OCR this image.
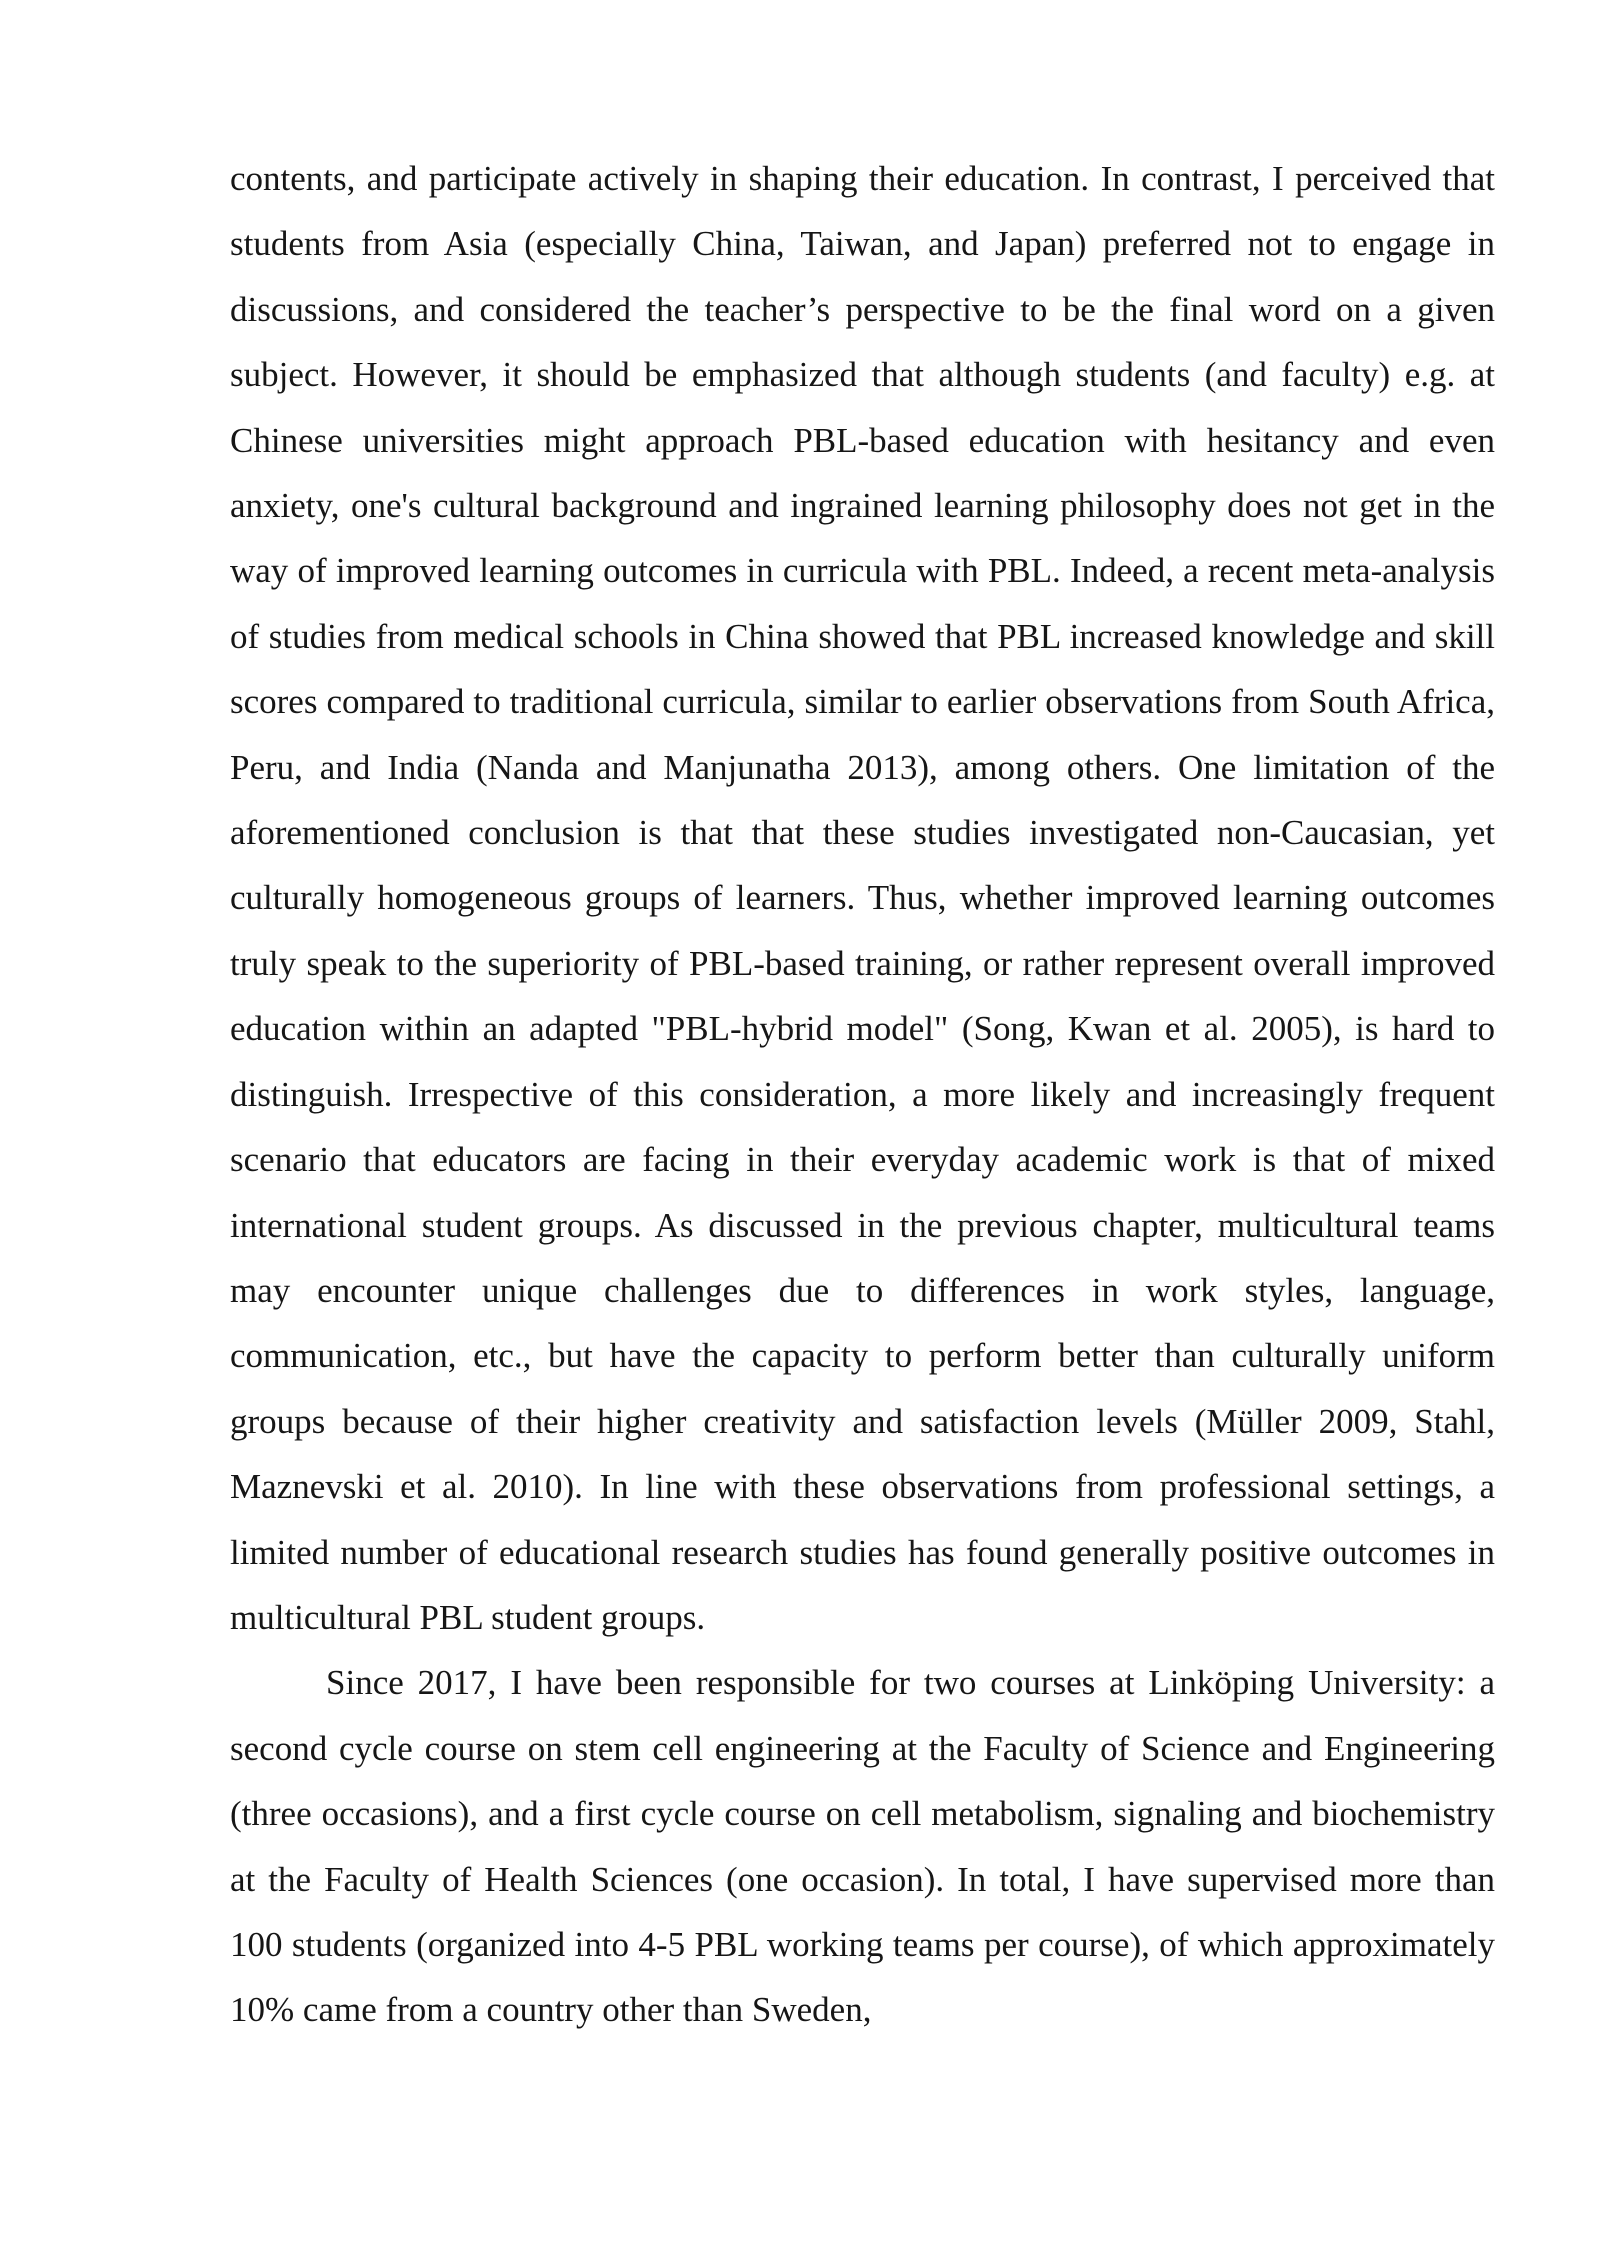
contents, and participate actively in shaping their education. In contrast, I perceived that students from Asia (especially China, Taiwan, and Japan) preferred not to engage in discussions, and considered the teacher’s perspective to be the final word on a given subject. However, it should be emphasized that although students (and faculty) e.g. at Chinese universities might approach PBL-based education with hesitancy and even anxiety, one's cultural background and ingrained learning philosophy does not get in the way of improved learning outcomes in curricula with PBL. Indeed, a recent meta-analysis of studies from medical schools in China showed that PBL increased knowledge and skill scores compared to traditional curricula, similar to earlier observations from South Africa, Peru, and India (Nanda and Manjunatha 2013), among others. One limitation of the aforementioned conclusion is that that these studies investigated non-Caucasian, yet culturally homogeneous groups of learners. Thus, whether improved learning outcomes truly speak to the superiority of PBL-based training, or rather represent overall improved education within an adapted "PBL-hybrid model" (Song, Kwan et al. 2005), is hard to distinguish. Irrespective of this consideration, a more likely and increasingly frequent scenario that educators are facing in their everyday academic work is that of mixed international student groups. As discussed in the previous chapter, multicultural teams may encounter unique challenges due to differences in work styles, language, communication, etc., but have the capacity to perform better than culturally uniform groups because of their higher creativity and satisfaction levels (Müller 2009, Stahl, Maznevski et al. 2010). In line with these observations from professional settings, a limited number of educational research studies has found generally positive outcomes in multicultural PBL student groups.

Since 2017, I have been responsible for two courses at Linköping University: a second cycle course on stem cell engineering at the Faculty of Science and Engineering (three occasions), and a first cycle course on cell metabolism, signaling and biochemistry at the Faculty of Health Sciences (one occasion). In total, I have supervised more than 100 students (organized into 4-5 PBL working teams per course), of which approximately 10% came from a country other than Sweden,
